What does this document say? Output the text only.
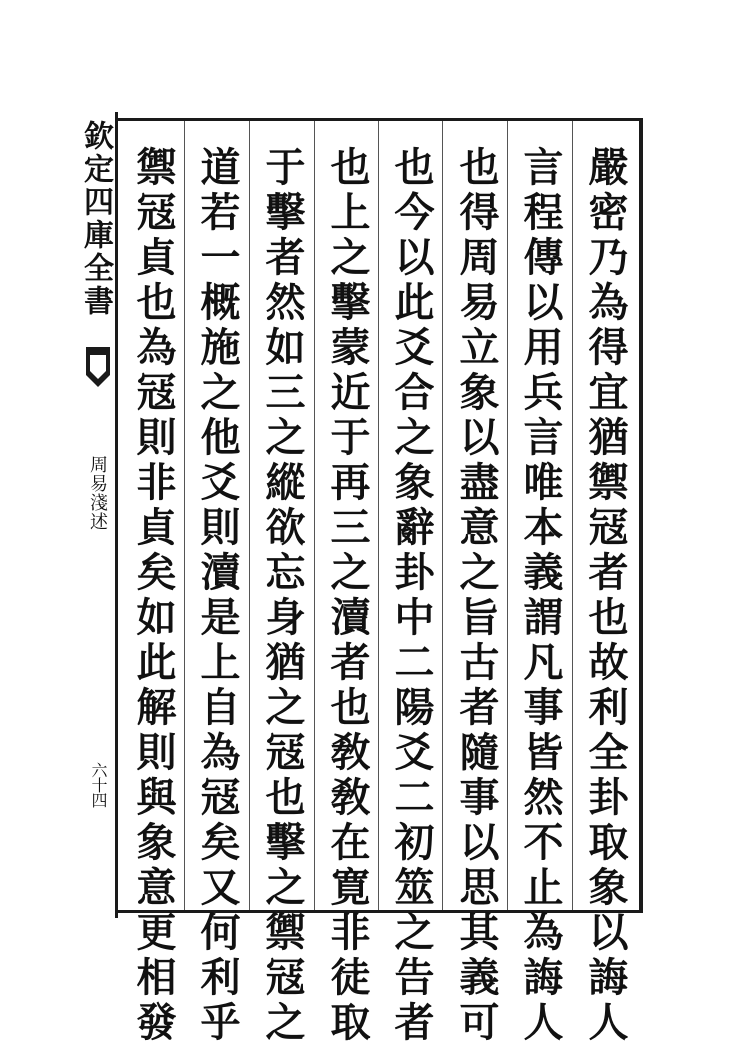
欽定四庫全書
周易淺述
六十四	嚴密乃為得宜猶禦冦者也故利全卦取象以誨人
言程傳以用兵言唯本義謂凡事皆然不止為誨人
也得周易立象以盡意之旨古者隨事以思其義可
也今以此爻合之象辭卦中二陽爻二初筮之告者
也上之擊蒙近于再三之瀆者也敎敎在寛非徒取
于擊者然如三之縱欲忘身猶之冦也擊之禦冦之
道若一概施之他爻則瀆是上自為冦矣又何利乎
禦冦貞也為冦則非貞矣如此解則與象意更相發
